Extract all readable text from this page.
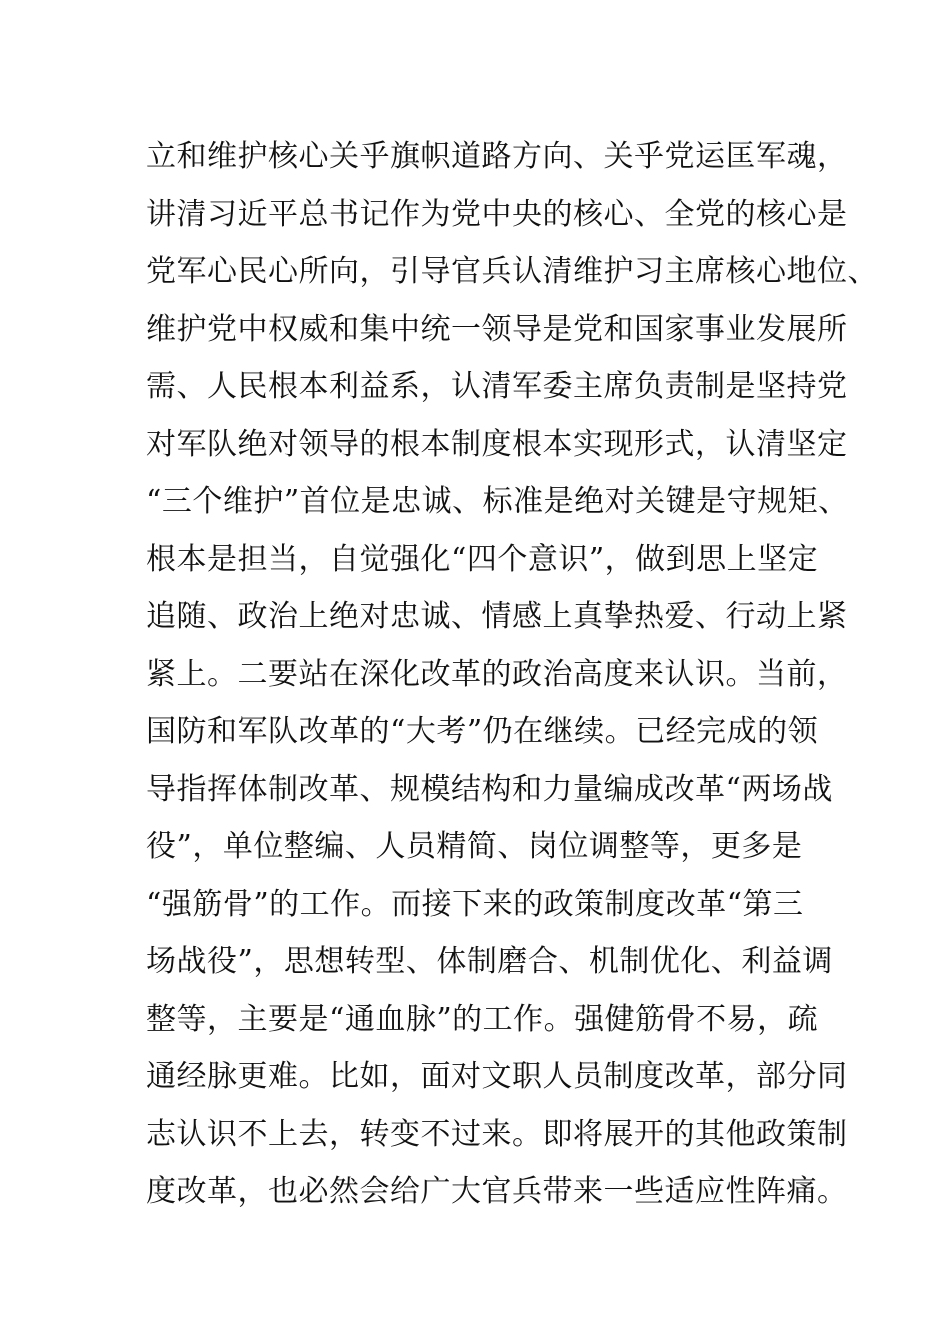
立和维护核心关乎旗帜道路方向、关乎党运匡军魂，
讲清习近平总书记作为党中央的核心、全党的核心是
党军心民心所向，引导官兵认清维护习主席核心地位、
维护党中权威和集中统一领导是党和国家事业发展所
需、人民根本利益系，认清军委主席负责制是坚持党
对军队绝对领导的根本制度根本实现形式，认清坚定
“三个维护”首位是忠诚、标准是绝对关键是守规矩、
根本是担当，自觉强化“四个意识”，做到思上坚定
追随、政治上绝对忠诚、情感上真挚热爱、行动上紧
紧上。二要站在深化改革的政治高度来认识。当前，
国防和军队改革的“大考”仍在继续。已经完成的领
导指挥体制改革、规模结构和力量编成改革“两场战
役”，单位整编、人员精简、岗位调整等，更多是
“强筋骨”的工作。而接下来的政策制度改革“第三
场战役”，思想转型、体制磨合、机制优化、利益调
整等，主要是“通血脉”的工作。强健筋骨不易，疏
通经脉更难。比如，面对文职人员制度改革，部分同
志认识不上去，转变不过来。即将展开的其他政策制
度改革，也必然会给广大官兵带来一些适应性阵痛。
